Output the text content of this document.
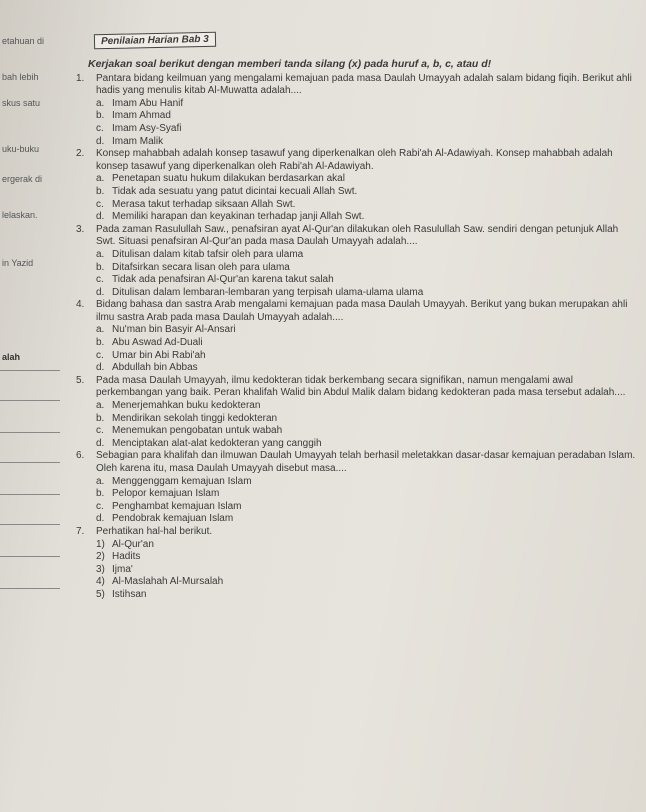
etahuan di
bah lebih
skus satu
uku-buku
ergerak di
lelaskan.
in Yazid
alah
Penilaian Harian Bab 3
Kerjakan soal berikut dengan memberi tanda silang (x) pada huruf a, b, c, atau d!
1. Pantara bidang keilmuan yang mengalami kemajuan pada masa Daulah Umayyah adalah salam bidang fiqih. Berikut ahli hadis yang menulis kitab Al-Muwatta adalah....
a. Imam Abu Hanif
b. Imam Ahmad
c. Imam Asy-Syafi
d. Imam Malik
2. Konsep mahabbah adalah konsep tasawuf yang diperkenalkan oleh Rabi'ah Al-Adawiyah. Konsep mahabbah adalah konsep tasawuf yang diperkenalkan oleh Rabi'ah Al-Adawiyah.
a. Penetapan suatu hukum dilakukan berdasarkan akal
b. Tidak ada sesuatu yang patut dicintai kecuali Allah Swt.
c. Merasa takut terhadap siksaan Allah Swt.
d. Memiliki harapan dan keyakinan terhadap janji Allah Swt.
3. Pada zaman Rasulullah Saw., penafsiran ayat Al-Qur'an dilakukan oleh Rasulullah Saw. sendiri dengan petunjuk Allah Swt. Situasi penafsiran Al-Qur'an pada masa Daulah Umayyah adalah....
a. Ditulisan dalam kitab tafsir oleh para ulama
b. Ditafsirkan secara lisan oleh para ulama
c. Tidak ada penafsiran Al-Qur'an karena takut salah
d. Ditulisan dalam lembaran-lembaran yang terpisah ulama-ulama ulama
4. Bidang bahasa dan sastra Arab mengalami kemajuan pada masa Daulah Umayyah. Berikut yang bukan merupakan ahli ilmu sastra Arab pada masa Daulah Umayyah adalah....
a. Nu'man bin Basyir Al-Ansari
b. Abu Aswad Ad-Duali
c. Umar bin Abi Rabi'ah
d. Abdullah bin Abbas
5. Pada masa Daulah Umayyah, ilmu kedokteran tidak berkembang secara signifikan, namun mengalami awal perkembangan yang baik. Peran khalifah Walid bin Abdul Malik dalam bidang kedokteran pada masa tersebut adalah....
a. Menerjemahkan buku kedokteran
b. Mendirikan sekolah tinggi kedokteran
c. Menemukan pengobatan untuk wabah
d. Menciptakan alat-alat kedokteran yang canggih
6. Sebagian para khalifah dan ilmuwan Daulah Umayyah telah berhasil meletakkan dasar-dasar kemajuan peradaban Islam. Oleh karena itu, masa Daulah Umayyah disebut masa....
a. Menggenggam kemajuan Islam
b. Pelopor kemajuan Islam
c. Penghambat kemajuan Islam
d. Pendobrak kemajuan Islam
7. Perhatikan hal-hal berikut.
1) Al-Qur'an
2) Hadits
3) Ijma'
4) Al-Maslahah Al-Mursalah
5) Istihsan
